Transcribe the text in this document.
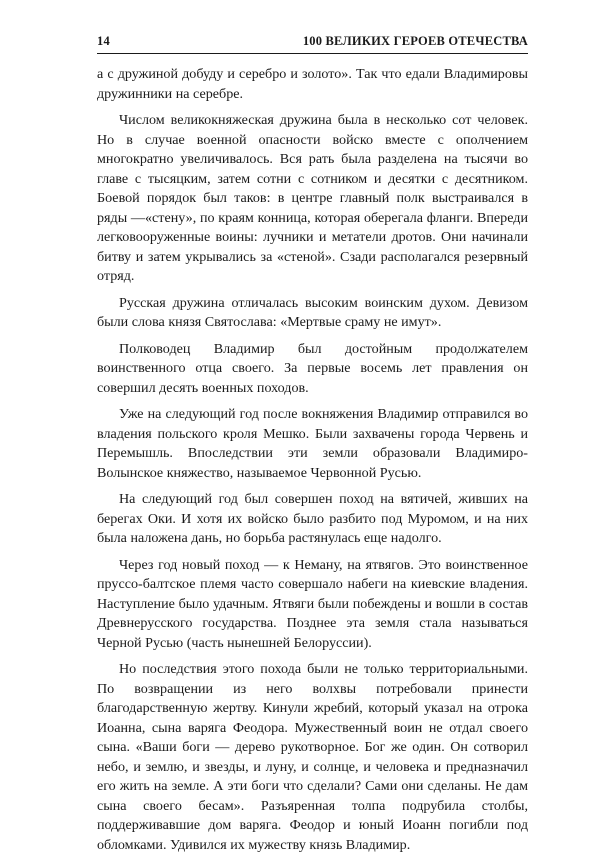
14	100 ВЕЛИКИХ ГЕРОЕВ ОТЕЧЕСТВА

а с дружиной добуду и серебро и золото». Так что едали Владимировы дружинники на серебре.

Числом великокняжеская дружина была в несколько сот человек. Но в случае военной опасности войско вместе с ополчением многократно увеличивалось. Вся рать была разделена на тысячи во главе с тысяцким, затем сотни с сотником и десятки с десятником. Боевой порядок был таков: в центре главный полк выстраивался в ряды —«стену», по краям конница, которая оберегала фланги. Впереди легковооруженные воины: лучники и метатели дротов. Они начинали битву и затем укрывались за «стеной». Сзади располагался резервный отряд.

Русская дружина отличалась высоким воинским духом. Девизом были слова князя Святослава: «Мертвые сраму не имут».

Полководец Владимир был достойным продолжателем воинственного отца своего. За первые восемь лет правления он совершил десять военных походов.

Уже на следующий год после вокняжения Владимир отправился во владения польского кроля Мешко. Были захвачены города Червень и Перемышль. Впоследствии эти земли образовали Владимиро-Волынское княжество, называемое Червонной Русью.

На следующий год был совершен поход на вятичей, живших на берегах Оки. И хотя их войско было разбито под Муромом, и на них была наложена дань, но борьба растянулась еще надолго.

Через год новый поход — к Неману, на ятвягов. Это воинственное пруссо-балтское племя часто совершало набеги на киевские владения. Наступление было удачным. Ятвяги были побеждены и вошли в состав Древнерусского государства. Позднее эта земля стала называться Черной Русью (часть нынешней Белоруссии).

Но последствия этого похода были не только территориальными. По возвращении из него волхвы потребовали принести благодарственную жертву. Кинули жребий, который указал на отрока Иоанна, сына варяга Феодора. Мужественный воин не отдал своего сына. «Ваши боги — дерево рукотворное. Бог же один. Он сотворил небо, и землю, и звезды, и луну, и солнце, и человека и предназначил его жить на земле. А эти боги что сделали? Сами они сделаны. Не дам сына своего бесам». Разъяренная толпа подрубила столбы, поддерживавшие дом варяга. Феодор и юный Иоанн погибли под обломками. Удивился их мужеству князь Владимир.
